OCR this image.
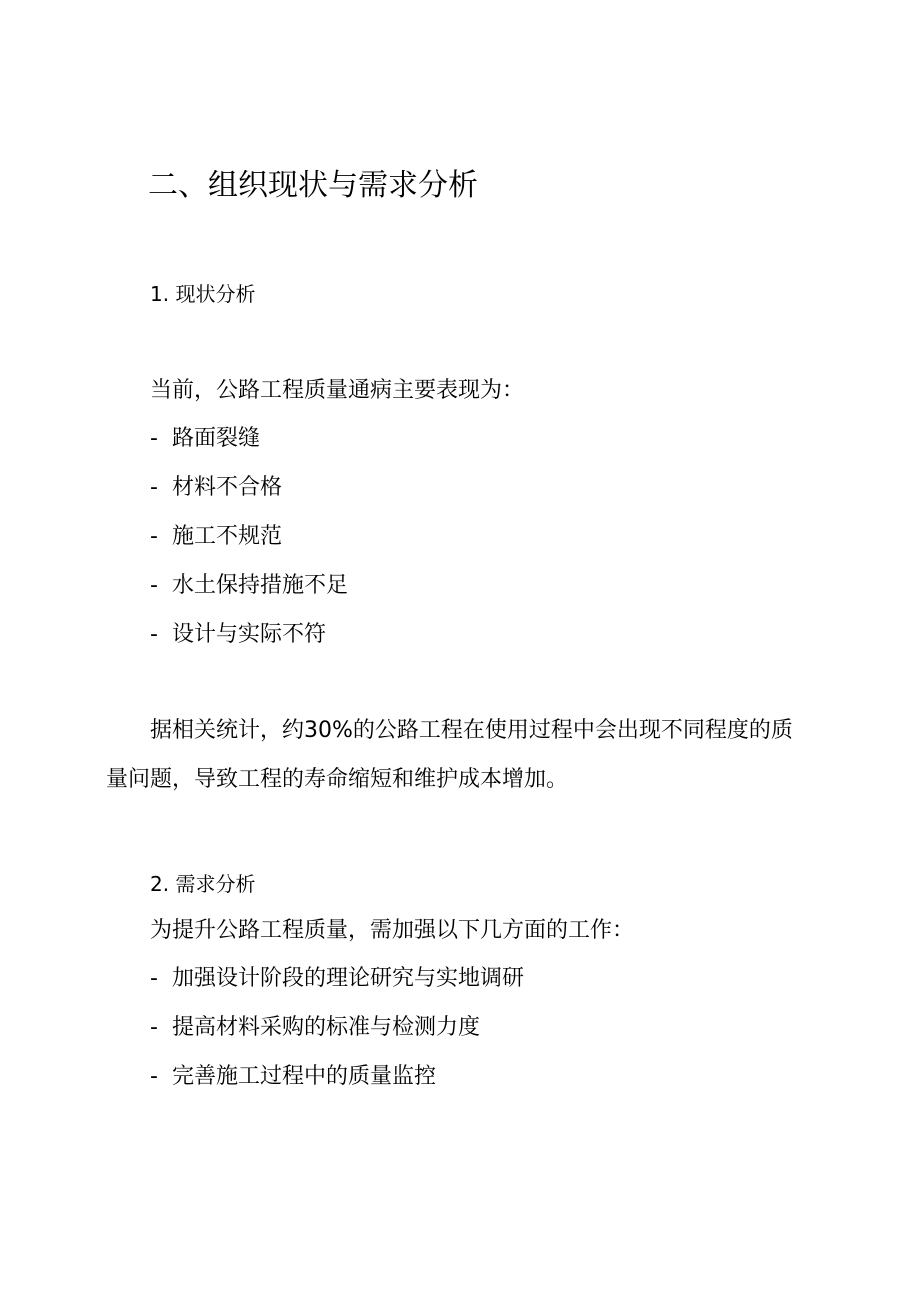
二、组织现状与需求分析
1. 现状分析
当前，公路工程质量通病主要表现为：
- 路面裂缝
- 材料不合格
- 施工不规范
- 水土保持措施不足
- 设计与实际不符
据相关统计，约30%的公路工程在使用过程中会出现不同程度的质
量问题，导致工程的寿命缩短和维护成本增加。
2. 需求分析
为提升公路工程质量，需加强以下几方面的工作：
- 加强设计阶段的理论研究与实地调研
- 提高材料采购的标准与检测力度
- 完善施工过程中的质量监控
